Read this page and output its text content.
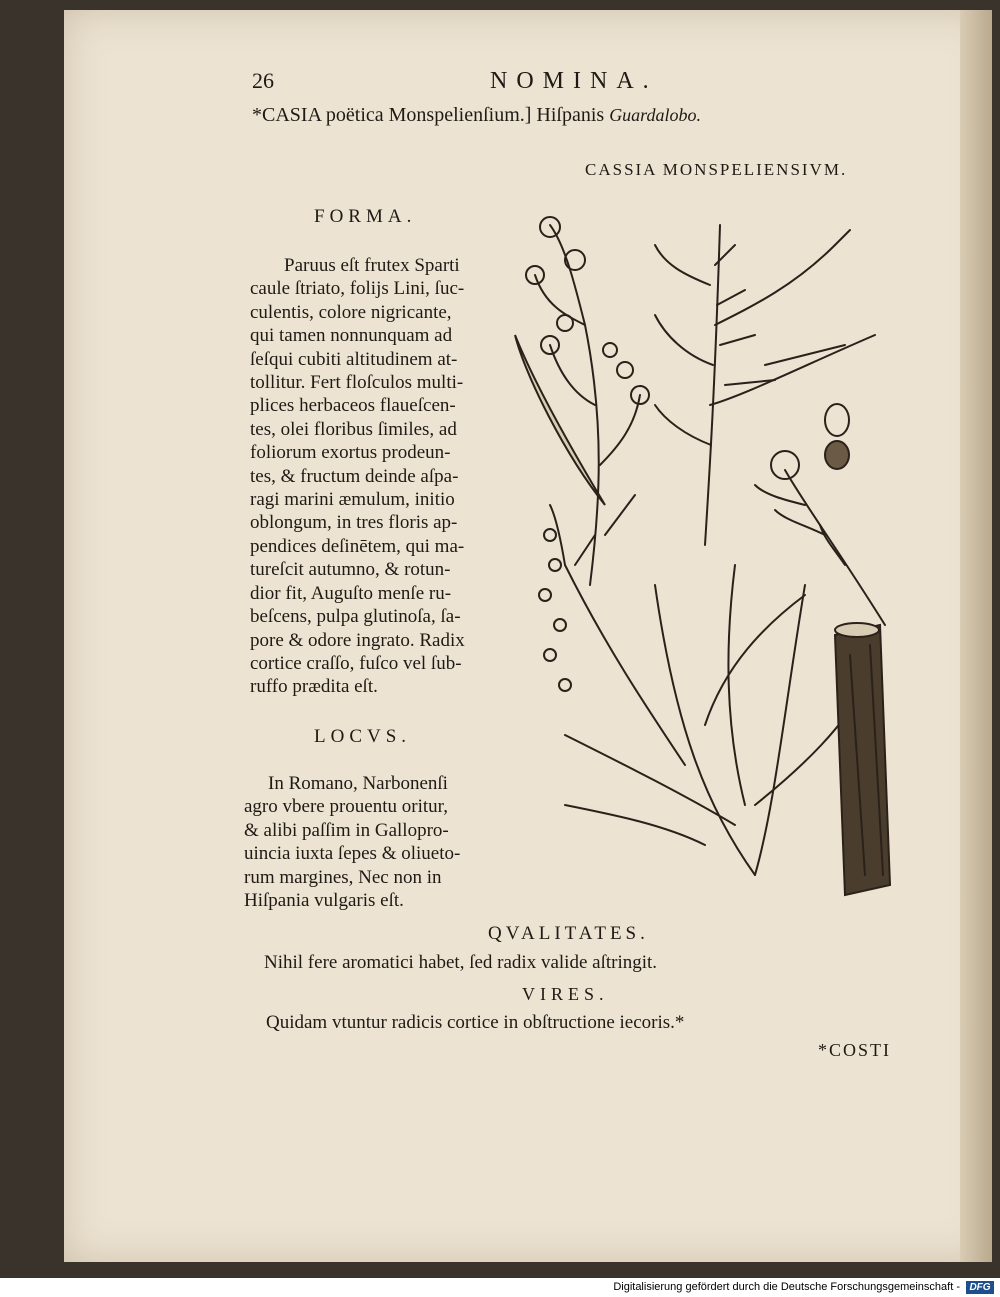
26	NOMINA.
*CASIA poëtica Monspelienſium.] Hiſpanis Guardalobo.
CASSIA MONSPELIENSIVM.
FORMA.
Paruus eſt frutex Sparti
caule ſtriato, folijs Lini, ſuc-
culentis, colore nigricante,
qui tamen nonnunquam ad
ſeſqui cubiti altitudinem at-
tollitur. Fert floſculos multi-
plices herbaceos flaueſcen-
tes, olei floribus ſimiles, ad
foliorum exortus prodeun-
tes, & fructum deinde aſpa-
ragi marini æmulum, initio
oblongum, in tres floris ap-
pendices deſinētem, qui ma-
tureſcit autumno, & rotun-
dior fit, Auguſto menſe ru-
beſcens, pulpa glutinoſa, ſa-
pore & odore ingrato. Radix
cortice craſſo, fuſco vel ſub-
ruffo prædita eſt.
LOCVS.
In Romano, Narbonenſi
agro vbere prouentu oritur,
& alibi paſſim in Gallopro-
uincia iuxta ſepes & oliueto-
rum margines, Nec non in
Hiſpania vulgaris eſt.
QVALITATES.
Nihil fere aromatici habet, ſed radix valide aſtringit.
VIRES.
Quidam vtuntur radicis cortice in obſtructione iecoris.*
*COSTI
Digitalisierung gefördert durch die Deutsche Forschungsgemeinschaft - DFG
